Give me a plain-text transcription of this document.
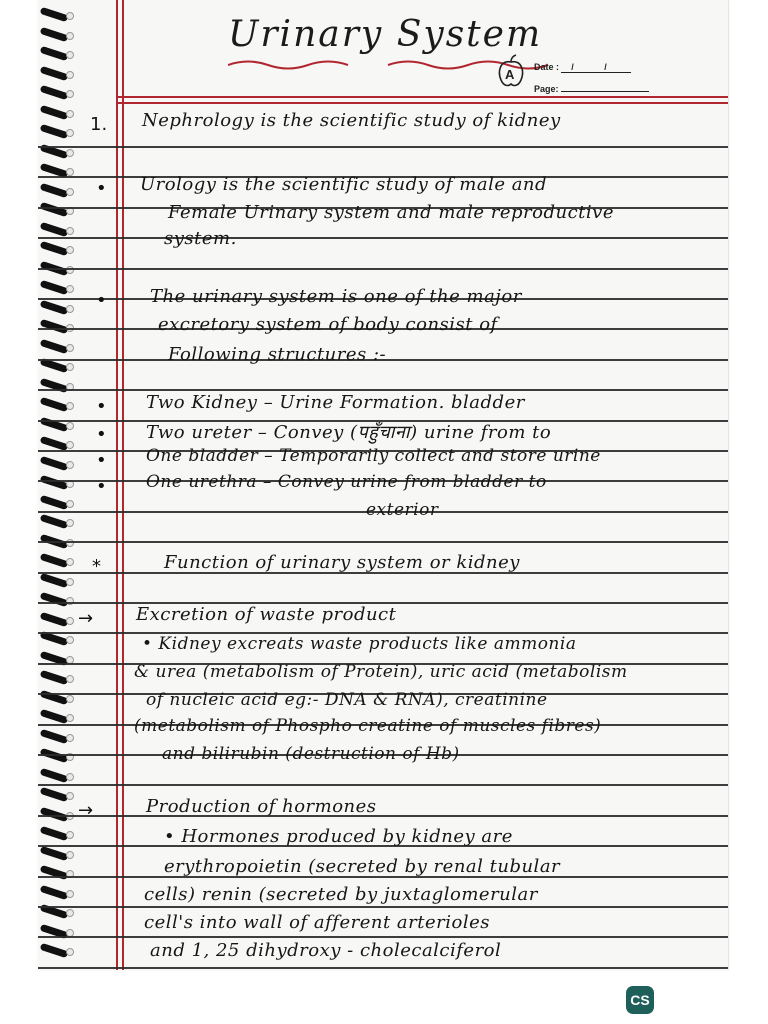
Urinary System
A Date : / /
Page:
1. Nephrology is the scientific study of kidney
• Urology is the scientific study of male and
Female Urinary system and male reproductive
system.
• The urinary system is one of the major
excretory system of body consist of
Following structures :-
• Two Kidney – Urine Formation. bladder
• Two ureter – Convey (पहुँचाना) urine from to
• One bladder – Temporarily collect and store urine
• One urethra – Convey urine from bladder to
exterior
*	Function of urinary system or kidney
→ Excretion of waste product
• Kidney excreats waste products like ammonia
& urea (metabolism of Protein), uric acid (metabolism
of nucleic acid eg:- DNA & RNA), creatinine
(metabolism of Phospho creatine of muscles fibres)
and bilirubin (destruction of Hb)
→	Production of hormones
• Hormones produced by kidney are
erythropoietin (secreted by renal tubular
cells) renin (secreted by juxtaglomerular
cell's into wall of afferent arterioles
and 1, 25 dihydroxy - cholecalciferol
CS
